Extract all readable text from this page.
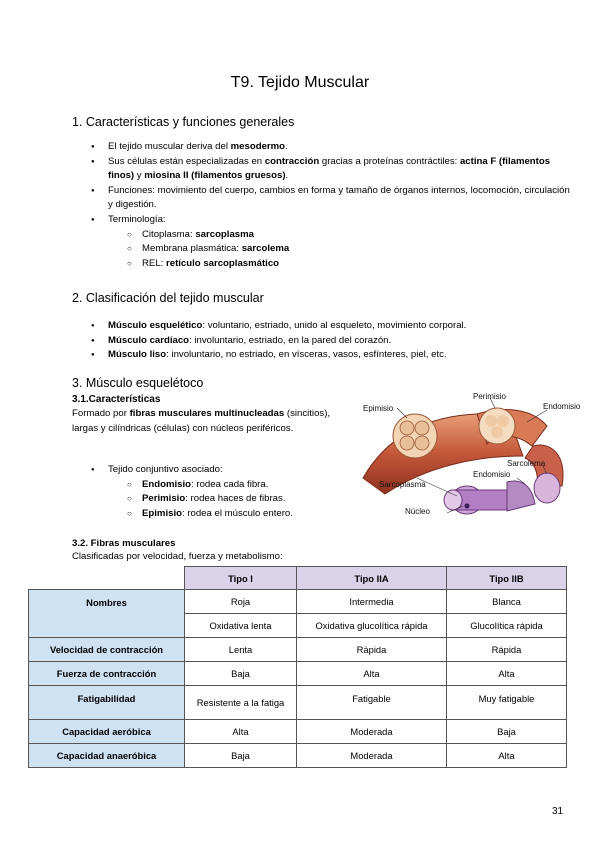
T9. Tejido Muscular
1. Características y funciones generales
● El tejido muscular deriva del mesodermo.
● Sus células están especializadas en contracción gracias a proteínas contráctiles: actina F (filamentos finos) y miosina II (filamentos gruesos).
● Funciones: movimiento del cuerpo, cambios en forma y tamaño de órganos internos, locomoción, circulación y digestión.
● Terminología:
○ Citoplasma: sarcoplasma
○ Membrana plasmática: sarcolema
○ REL: retículo sarcoplasmático
2. Clasificación del tejido muscular
● Músculo esquelético: voluntario, estriado, unido al esqueleto, movimiento corporal.
● Músculo cardíaco: involuntario, estriado, en la pared del corazón.
● Músculo liso: involuntario, no estriado, en vísceras, vasos, esfínteres, piel, etc.
3. Músculo esquelétoco
3.1.Características
Formado por fibras musculares multinucleadas (sincitios), largas y cilíndricas (células) con núcleos periféricos.
● Tejido conjuntivo asociado:
○ Endomisio: rodea cada fibra.
○ Perimisio: rodea haces de fibras.
○ Epimisio: rodea el músculo entero.
Epimisio
Perimisio
Endomisio
Sarcolema
Endomisio
Sarcoplasma
Núcleo
3.2. Fibras musculares
Clasificadas por velocidad, fuerza y metabolismo:
	Tipo I	Tipo IIA	Tipo IIB
Nombres	Roja	Intermedia	Blanca
	Oxidativa lenta	Oxidativa glucolítica rápida	Glucolítica rápida
Velocidad de contracción	Lenta	Rápida	Rápida
Fuerza de contracción	Baja	Alta	Alta
Fatigabilidad	Resistente a la fatiga	Fatigable	Muy fatigable
Capacidad aeróbica	Alta	Moderada	Baja
Capacidad anaeróbica	Baja	Moderada	Alta
31
